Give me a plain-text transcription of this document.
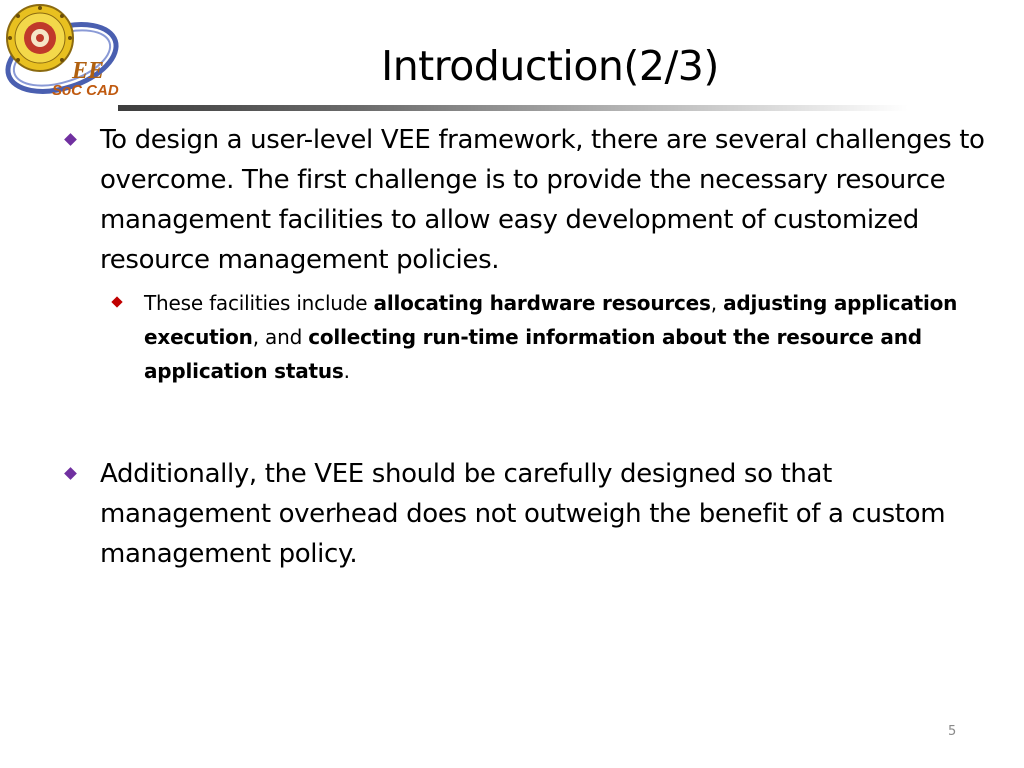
EE
SoC CAD
Introduction(2/3)
To design a user-level VEE framework, there are several challenges to overcome. The first challenge is to provide the necessary resource management facilities to allow easy development of customized resource management policies.
These facilities include allocating hardware resources, adjusting application execution, and collecting run-time information about the resource and application status.
Additionally, the VEE should be carefully designed so that management overhead does not outweigh the benefit of a custom management policy.
5
